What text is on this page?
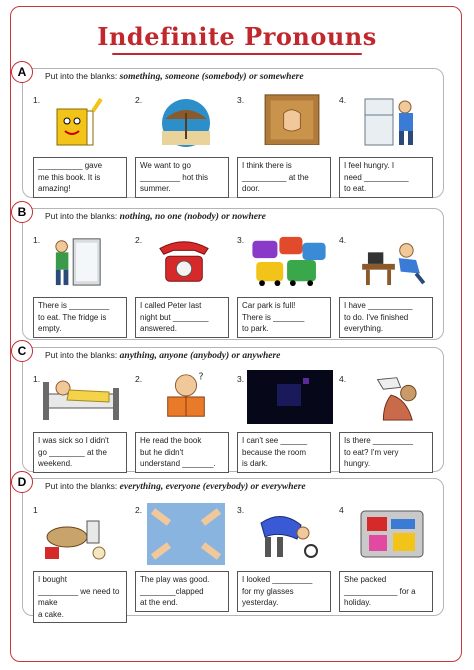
Indefinite Pronouns
A	Put into the blanks: something, someone (somebody) or somewhere
1.
__________ gave
me this book. It is
amazing!
2.
We want to go
_________ hot this
summer.
3.
I think there is
__________ at the
door.
4.
I feel hungry. I
need __________
to eat.
B	Put into the blanks: nothing, no one (nobody) or nowhere
1.
There is _________
to eat. The fridge is
empty.
2.
I called Peter last
night but ________
answered.
3.
Car park is full!
There is _______
to park.
4.
I have __________
to do. I've finished
everything.
C	Put into the blanks: anything, anyone (anybody) or anywhere
1.
I was sick so I didn't
go ________ at the
weekend.
2.	?
He read the book
but he didn't
understand _______.
3.
I can't see ______
because the room
is dark.
4.
Is there _________
to eat? I'm very
hungry.
D	Put into the blanks: everything, everyone (everybody) or everywhere
1
I bought
_________ we need to make
a cake.
2.
The play was good.
________clapped
at the end.
3.
I looked _________
for my glasses
yesterday.
4
She packed
____________ for a
holiday.
